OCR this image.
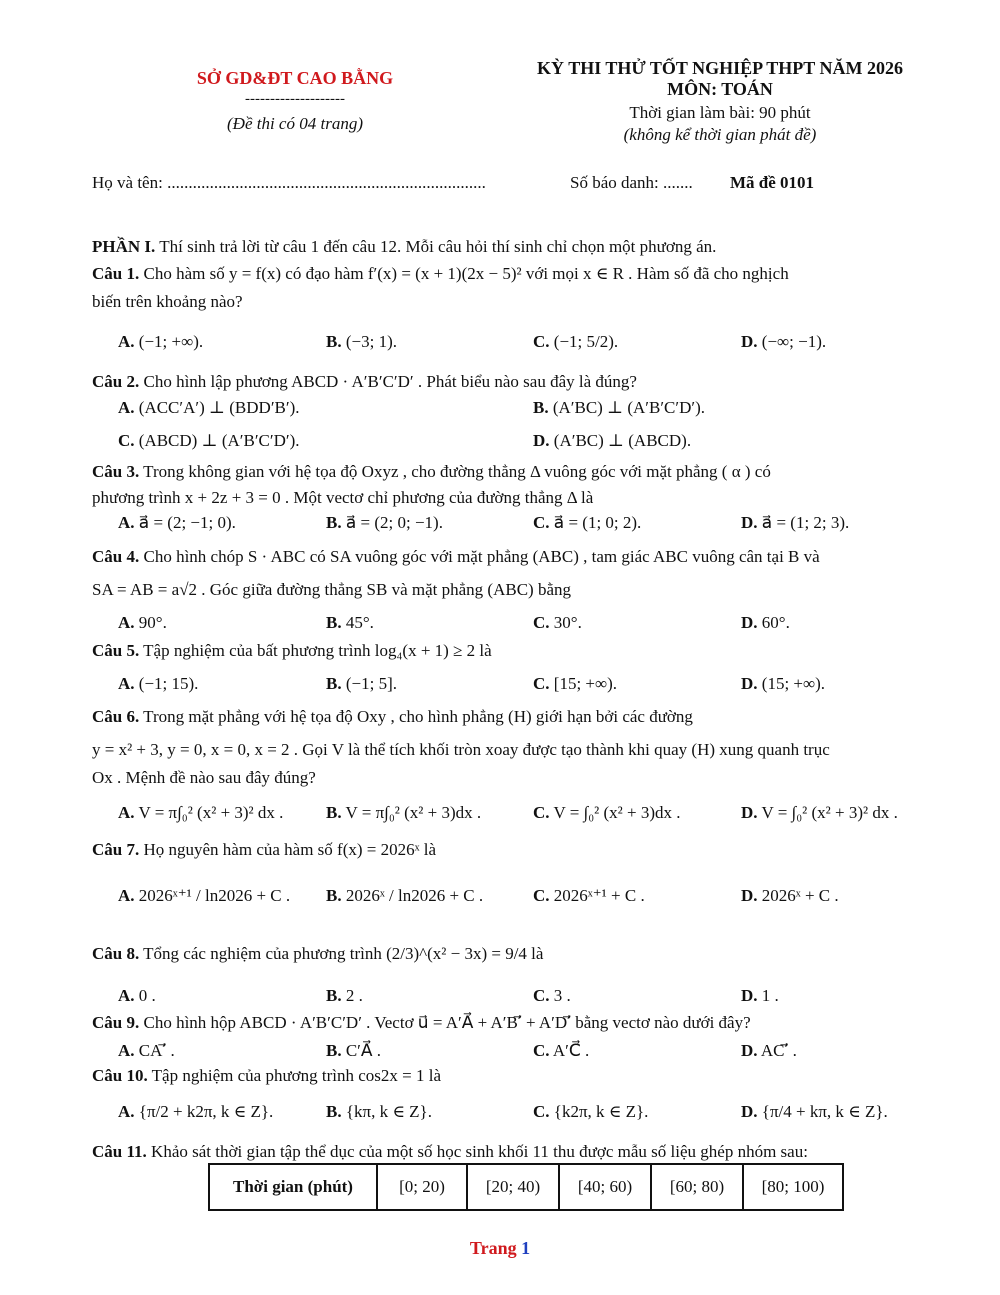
SỞ GD&ĐT CAO BẰNG
--------------------
(Đề thi có 04 trang)
KỲ THI THỬ TỐT NGHIỆP THPT NĂM 2026
MÔN: TOÁN
Thời gian làm bài: 90 phút
(không kể thời gian phát đề)
Họ và tên: ...........................................................................	Số báo danh: ....... Mã đề 0101
PHẦN I. Thí sinh trả lời từ câu 1 đến câu 12. Mỗi câu hỏi thí sinh chỉ chọn một phương án.
Câu 1. Cho hàm số y = f(x) có đạo hàm f′(x) = (x + 1)(2x − 5)² với mọi x ∈ R . Hàm số đã cho nghịch
biến trên khoảng nào?
A. (−1; +∞).	B. (−3; 1).	C. (−1; 5/2).	D. (−∞; −1).
Câu 2. Cho hình lập phương ABCD · A′B′C′D′ . Phát biểu nào sau đây là đúng?
A. (ACC′A′) ⊥ (BDD′B′).	B. (A′BC) ⊥ (A′B′C′D′).
C. (ABCD) ⊥ (A′B′C′D′).	D. (A′BC) ⊥ (ABCD).
Câu 3. Trong không gian với hệ tọa độ Oxyz , cho đường thẳng Δ vuông góc với mặt phẳng ( α ) có
phương trình x + 2z + 3 = 0 . Một vectơ chỉ phương của đường thẳng Δ là
A. a⃗ = (2; −1; 0).	B. a⃗ = (2; 0; −1).	C. a⃗ = (1; 0; 2).	D. a⃗ = (1; 2; 3).
Câu 4. Cho hình chóp S · ABC có SA vuông góc với mặt phẳng (ABC) , tam giác ABC vuông cân tại B và
SA = AB = a√2 . Góc giữa đường thẳng SB và mặt phẳng (ABC) bằng
A. 90°.	B. 45°.	C. 30°.	D. 60°.
Câu 5. Tập nghiệm của bất phương trình log₄(x + 1) ≥ 2 là
A. (−1; 15).	B. (−1; 5].	C. [15; +∞).	D. (15; +∞).
Câu 6. Trong mặt phẳng với hệ tọa độ Oxy , cho hình phẳng (H) giới hạn bởi các đường
y = x² + 3, y = 0, x = 0, x = 2 . Gọi V là thể tích khối tròn xoay được tạo thành khi quay (H) xung quanh trục
Ox . Mệnh đề nào sau đây đúng?
A. V = π∫₀² (x² + 3)² dx .	B. V = π∫₀² (x² + 3)dx .	C. V = ∫₀² (x² + 3)dx .	D. V = ∫₀² (x² + 3)² dx .
Câu 7. Họ nguyên hàm của hàm số f(x) = 2026ˣ là
A. 2026ˣ⁺¹ / ln2026 + C . B. 2026ˣ / ln2026 + C .	C. 2026ˣ⁺¹ + C .	D. 2026ˣ + C .
Câu 8. Tổng các nghiệm của phương trình (2/3)^(x² − 3x) = 9/4 là
A. 0 .	B. 2 .	C. 3 .	D. 1 .
Câu 9. Cho hình hộp ABCD · A′B′C′D′ . Vectơ u⃗ = A′A⃗ + A′B′⃗ + A′D′⃗ bằng vectơ nào dưới đây?
A. CA′⃗ .	B. C′A⃗ .	C. A′C⃗ .	D. AC′⃗ .
Câu 10. Tập nghiệm của phương trình cos2x = 1 là
A. {π/2 + k2π, k ∈ Z}.	B. {kπ, k ∈ Z}.	C. {k2π, k ∈ Z}.	D. {π/4 + kπ, k ∈ Z}.
Câu 11. Khảo sát thời gian tập thể dục của một số học sinh khối 11 thu được mẫu số liệu ghép nhóm sau:
Thời gian (phút)	[0; 20)	[20; 40)	[40; 60)	[60; 80)	[80; 100)
Trang 1
